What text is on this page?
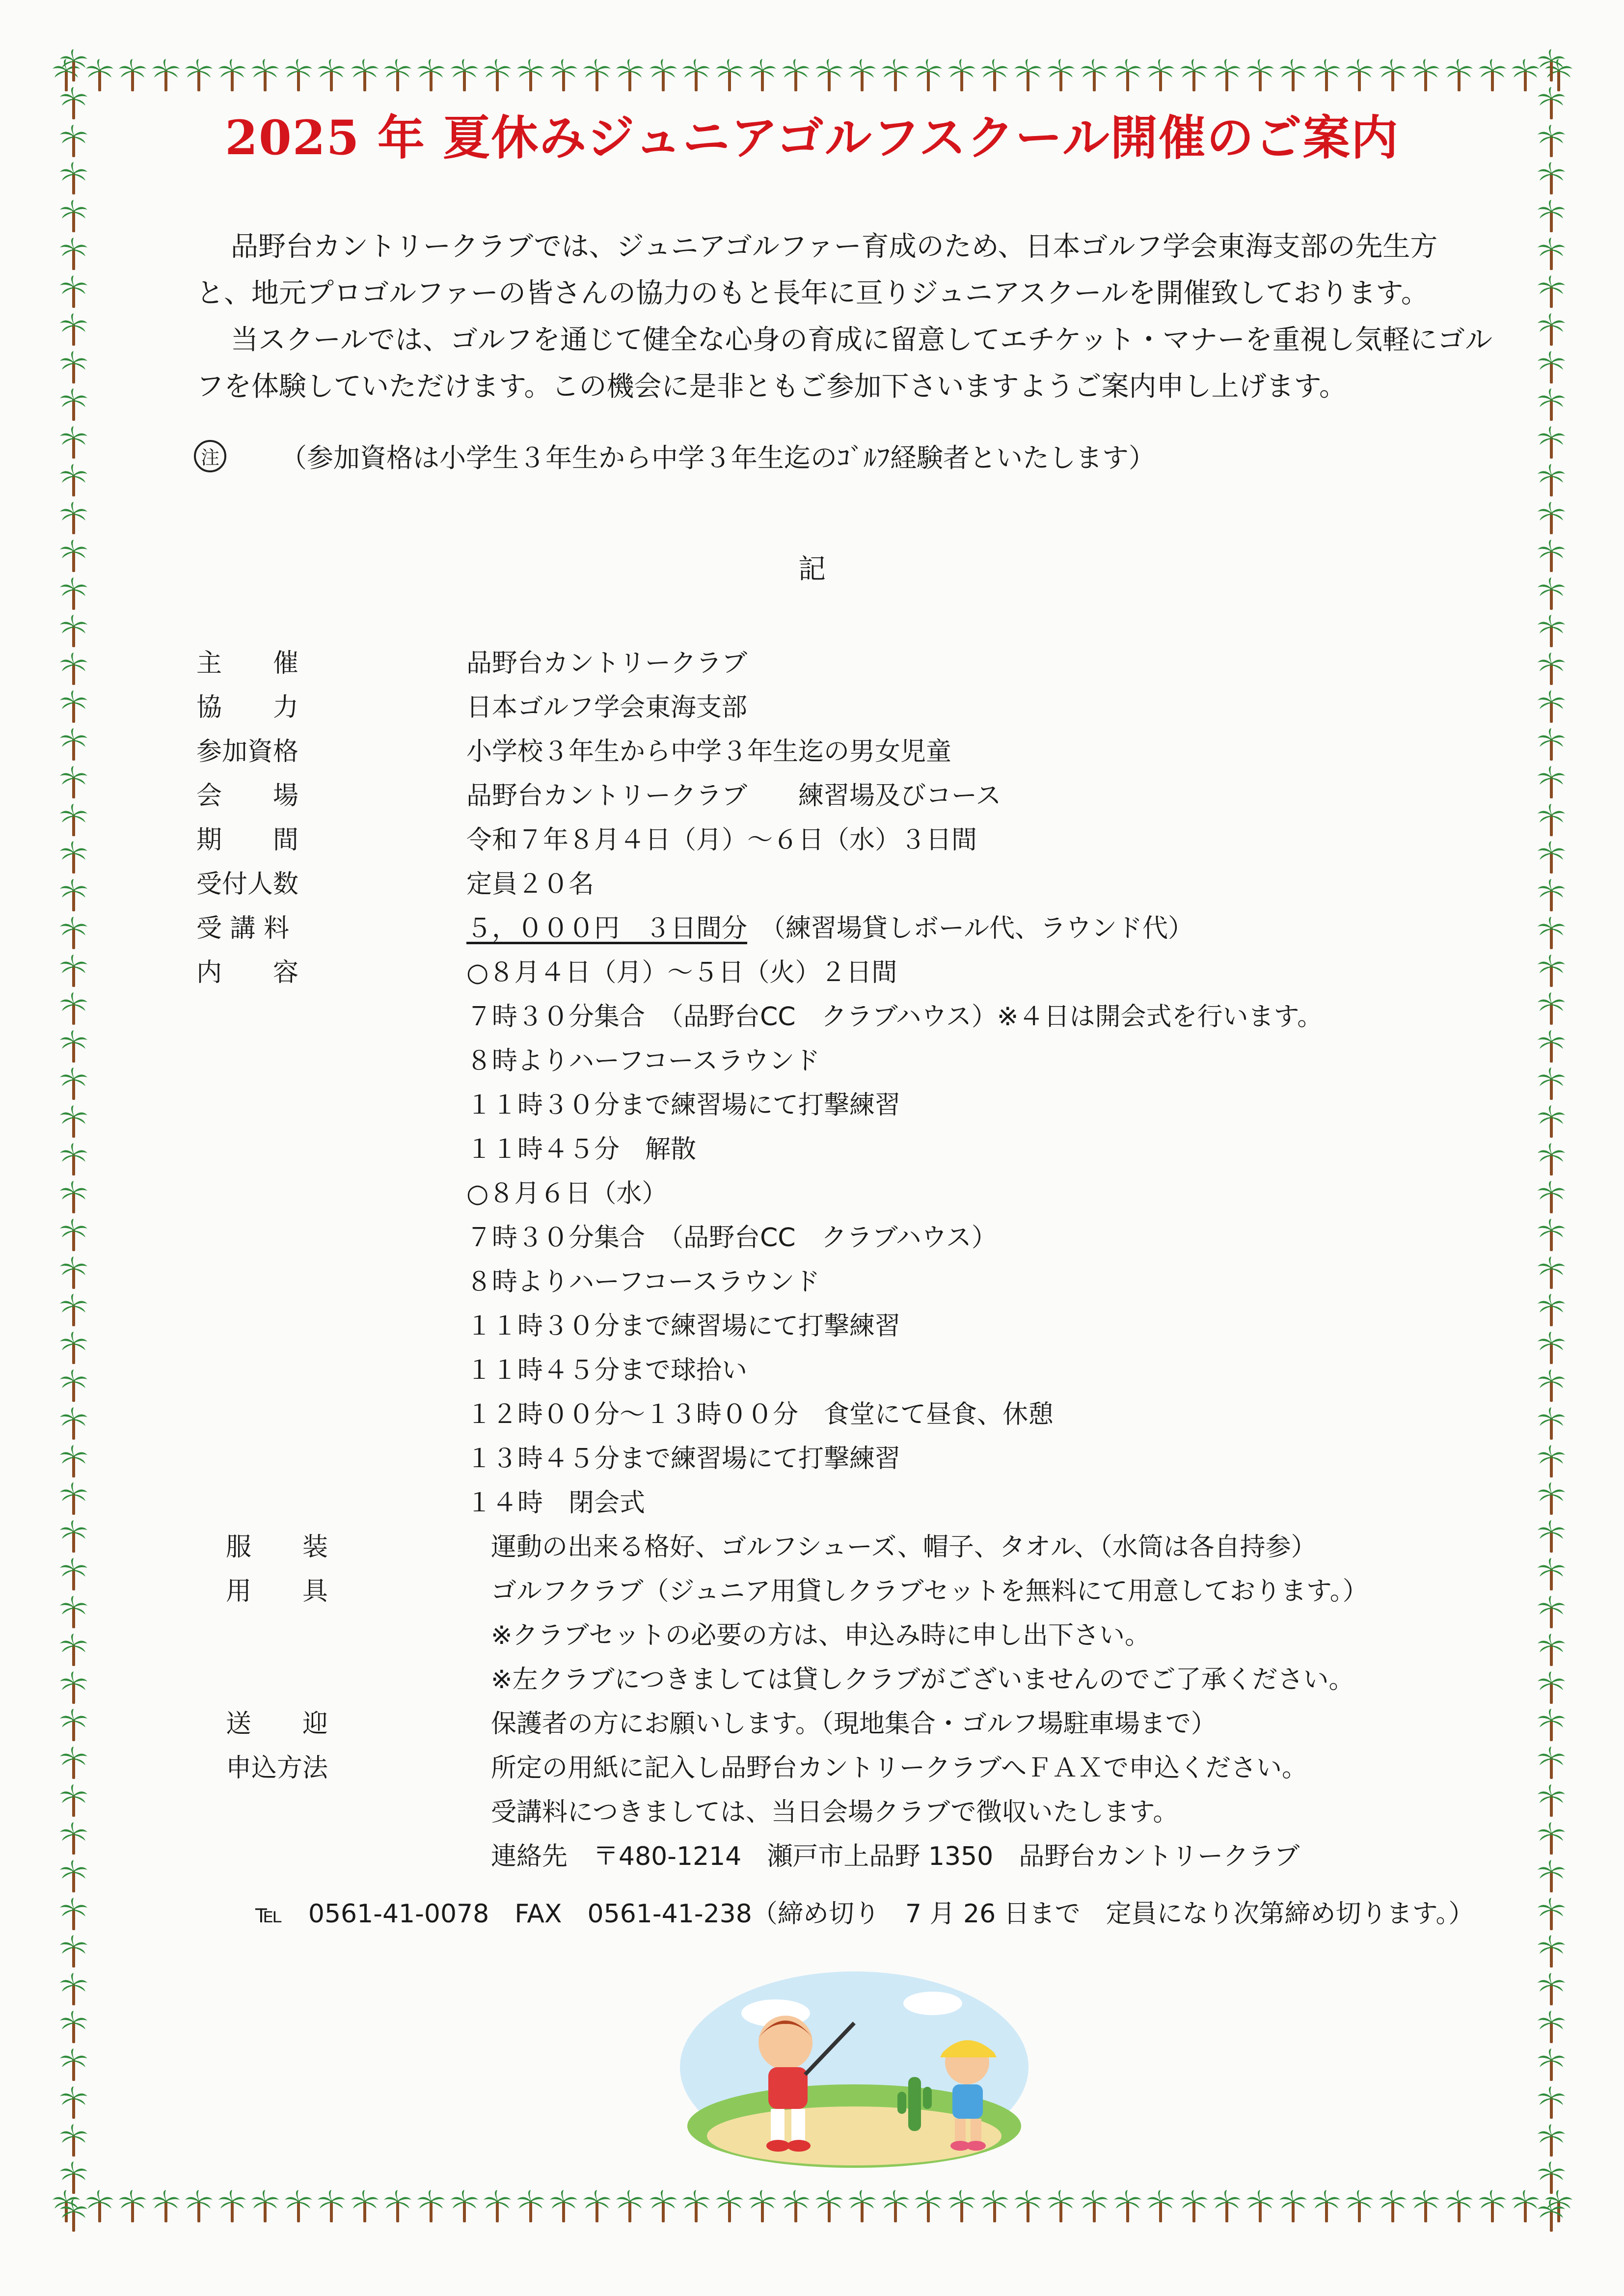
2025 年 夏休みジュニアゴルフスクール開催のご案内

品野台カントリークラブでは、ジュニアゴルファー育成のため、日本ゴルフ学会東海支部の先生方と、地元プロゴルファーの皆さんの協力のもと長年に亘りジュニアスクールを開催致しております。

当スクールでは、ゴルフを通じて健全な心身の育成に留意してエチケット・マナーを重視し気軽にゴルフを体験していただけます。この機会に是非ともご参加下さいますようご案内申し上げます。

注 （参加資格は小学生３年生から中学３年生迄のｺﾞﾙﾌ経験者といたします）
記
主　　催	品野台カントリークラブ
協　　力	日本ゴルフ学会東海支部
参加資格	小学校３年生から中学３年生迄の男女児童
会　　場	品野台カントリークラブ　　練習場及びコース
期　　間	令和７年８月４日（月）～６日（水）３日間
受付人数	定員２０名
受 講 料	５，０００円　３日間分 　（練習場貸しボール代、ラウンド代）
内　　容	○８月４日（月）～５日（火）２日間
７時３０分集合　（品野台CC　クラブハウス）※４日は開会式を行います。
８時よりハーフコースラウンド
１１時３０分まで練習場にて打撃練習
１１時４５分　解散
○８月６日（水）
７時３０分集合　（品野台CC　クラブハウス）
８時よりハーフコースラウンド
１１時３０分まで練習場にて打撃練習
１１時４５分まで球拾い
１２時００分～１３時００分　食堂にて昼食、休憩
１３時４５分まで練習場にて打撃練習
１４時　閉会式
服　　装	運動の出来る格好、ゴルフシューズ、帽子、タオル、（水筒は各自持参）
用　　具	ゴルフクラブ（ジュニア用貸しクラブセットを無料にて用意しております。）
※クラブセットの必要の方は、申込み時に申し出下さい。
※左クラブにつきましては貸しクラブがございませんのでご了承ください。
送　　迎	保護者の方にお願いします。（現地集合・ゴルフ場駐車場まで）
申込方法	所定の用紙に記入し品野台カントリークラブへＦＡＸで申込ください。
受講料につきましては、当日会場クラブで徴収いたします。
連絡先　〒480-1214　瀬戸市上品野 1350　品野台カントリークラブ
℡　0561-41-0078　FAX　0561-41-238（締め切り　7 月 26 日まで　定員になり次第締め切ります。）
